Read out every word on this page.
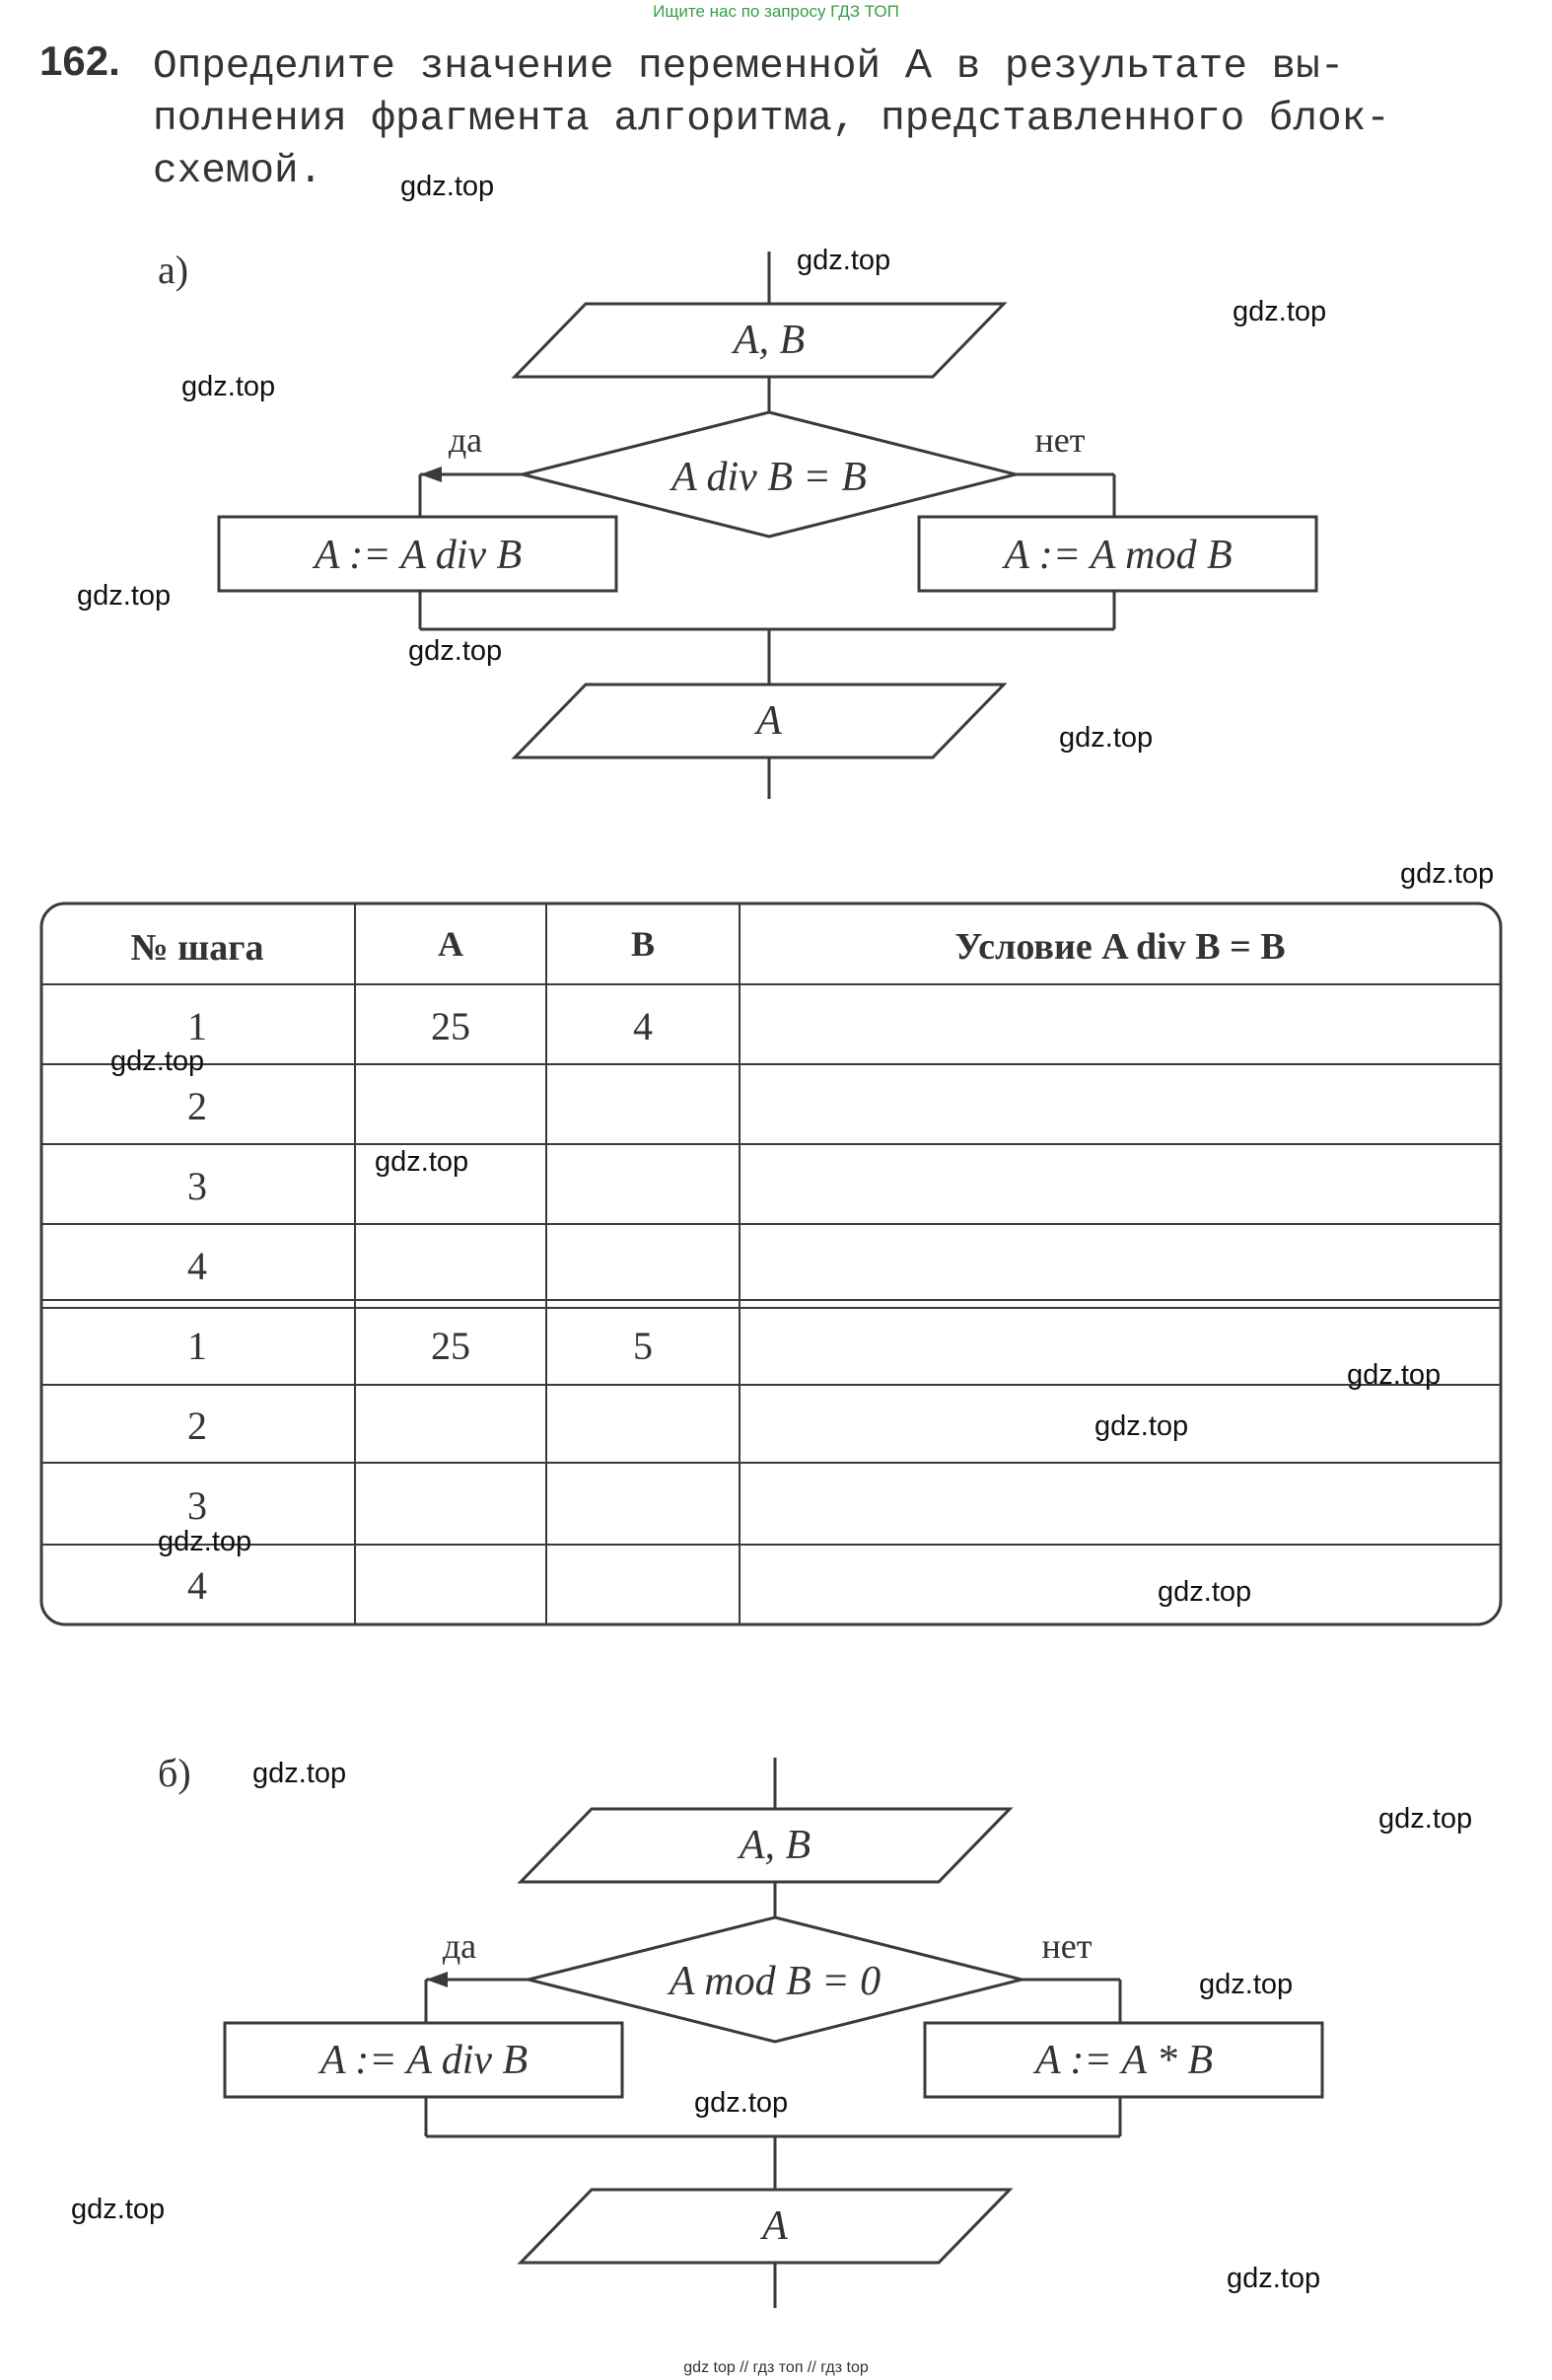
Ищите нас по запросу ГДЗ ТОП
162. Определите значение переменной A в результате вы-
полнения фрагмента алгоритма, представленного блок-
схемой.
а)
A, B
A div B = B
да	нет
A := A div B	A := A mod B
A
№ шага	A	B	Условие A div B = B
1	25	4
2
3
4
1	25	5
2
3
4
б)
A, B
A mod B = 0
да	нет
A := A div B	A := A * B
A
gdz.top
gdz.top
gdz.top
gdz.top
gdz.top
gdz.top
gdz.top
gdz.top
gdz.top
gdz.top
gdz.top
gdz.top
gdz.top
gdz.top
gdz.top
gdz.top
gdz.top
gdz.top
gdz.top
gdz.top
gdz top // гдз топ // гдз top
